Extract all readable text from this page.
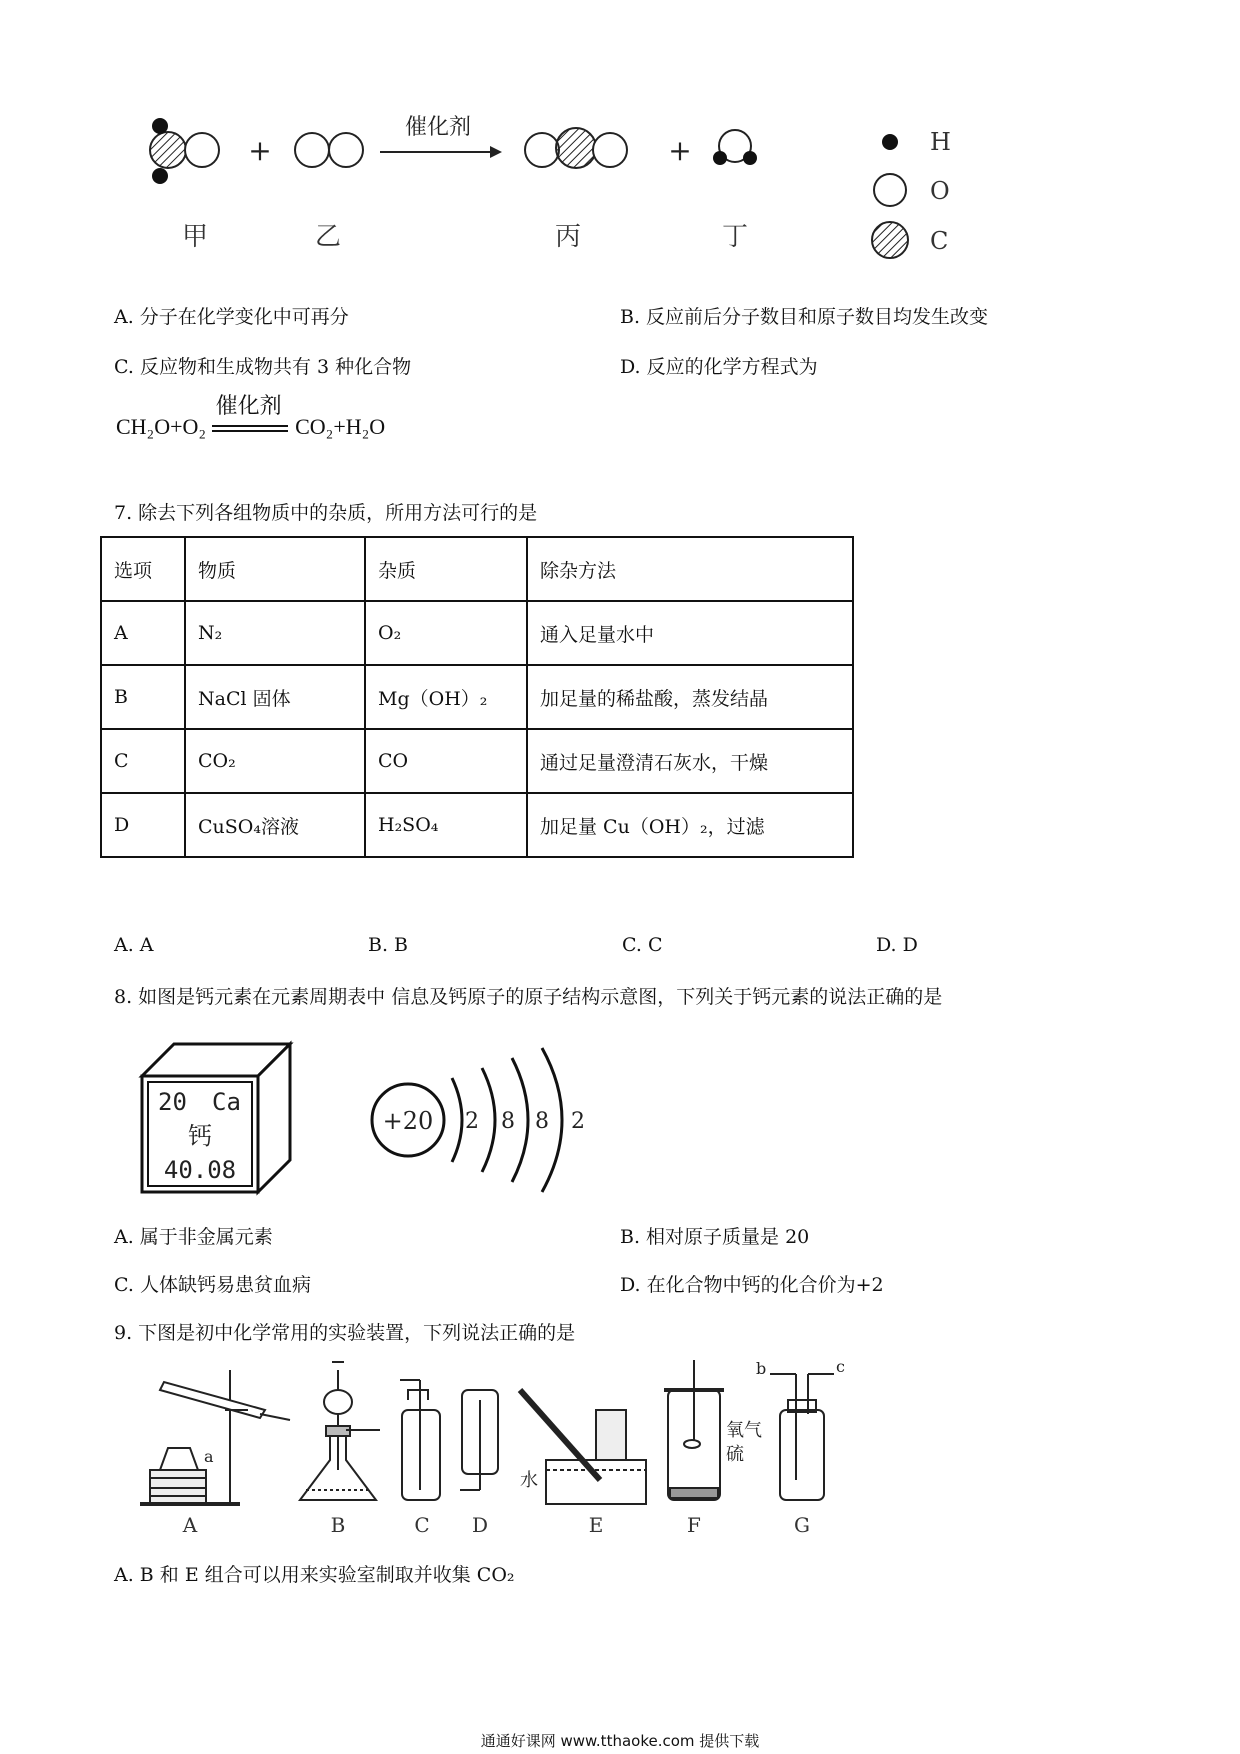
+
催化剂
+
甲	乙	丙	丁
H
O
C
A. 分子在化学变化中可再分	B. 反应前后分子数目和原子数目均发生改变
C. 反应物和生成物共有 3 种化合物	D. 反应的化学方程式为
CH₂O+O₂
催化剂
CO₂+H₂O
7. 除去下列各组物质中的杂质，所用方法可行的是
选项	物质	杂质	除杂方法
A	N₂	O₂	通入足量水中
B	NaCl 固体	Mg（OH）₂	加足量的稀盐酸，蒸发结晶
C	CO₂	CO	通过足量澄清石灰水，干燥
D	CuSO₄溶液	H₂SO₄	加足量 Cu（OH）₂，过滤
A. A	B. B	C. C	D. D
8. 如图是钙元素在元素周期表中 信息及钙原子的原子结构示意图，下列关于钙元素的说法正确的是
20 Ca
钙
40.08
+20 2 8 8 2
A. 属于非金属元素	B. 相对原子质量是 20
C. 人体缺钙易患贫血病	D. 在化合物中钙的化合价为+2
9. 下图是初中化学常用的实验装置，下列说法正确的是
a
水
氧气
硫
b	c
A	B	C D	E	F	G
A. B 和 E 组合可以用来实验室制取并收集 CO₂
通通好课网 www.tthaoke.com 提供下载
